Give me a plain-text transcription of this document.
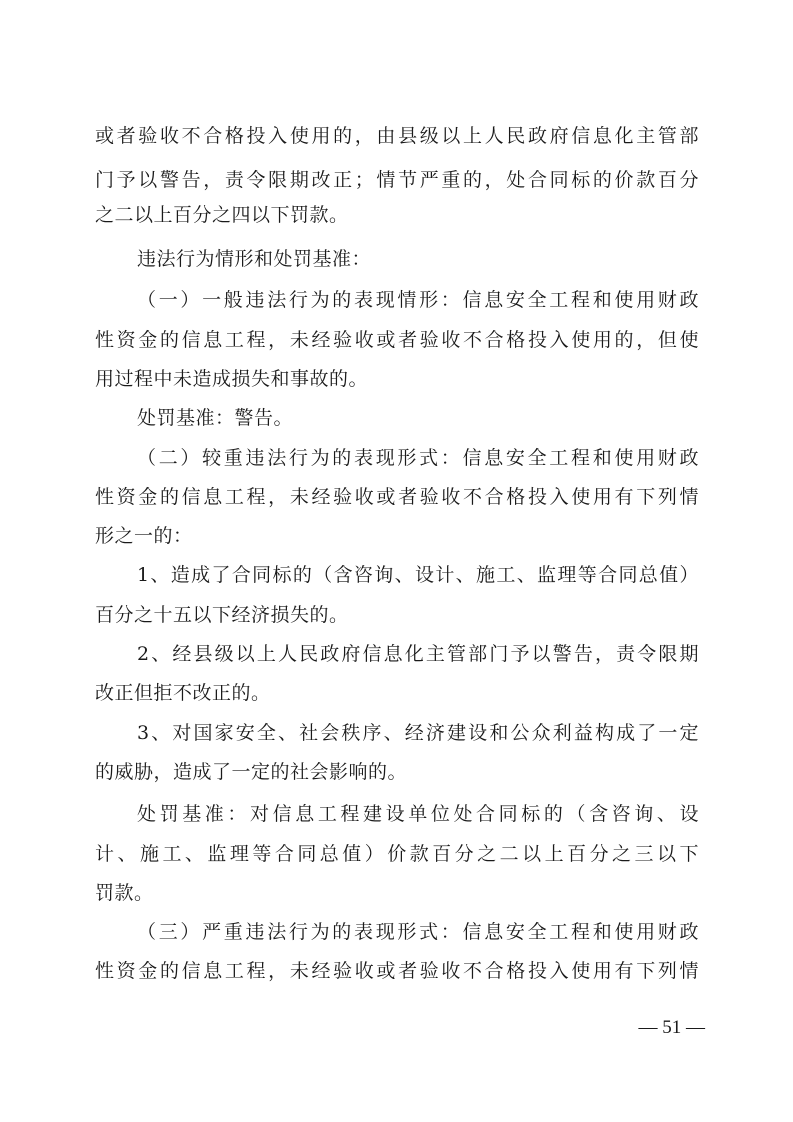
或者验收不合格投入使用的，由县级以上人民政府信息化主管部
门予以警告，责令限期改正；情节严重的，处合同标的价款百分
之二以上百分之四以下罚款。
违法行为情形和处罚基准：
（一）一般违法行为的表现情形：信息安全工程和使用财政
性资金的信息工程，未经验收或者验收不合格投入使用的，但使
用过程中未造成损失和事故的。
处罚基准：警告。
（二）较重违法行为的表现形式：信息安全工程和使用财政
性资金的信息工程，未经验收或者验收不合格投入使用有下列情
形之一的：
1、造成了合同标的（含咨询、设计、施工、监理等合同总值）
百分之十五以下经济损失的。
2、经县级以上人民政府信息化主管部门予以警告，责令限期
改正但拒不改正的。
3、对国家安全、社会秩序、经济建设和公众利益构成了一定
的威胁，造成了一定的社会影响的。
处罚基准：对信息工程建设单位处合同标的（含咨询、设
计、施工、监理等合同总值）价款百分之二以上百分之三以下
罚款。
（三）严重违法行为的表现形式：信息安全工程和使用财政
性资金的信息工程，未经验收或者验收不合格投入使用有下列情
— 51 —
